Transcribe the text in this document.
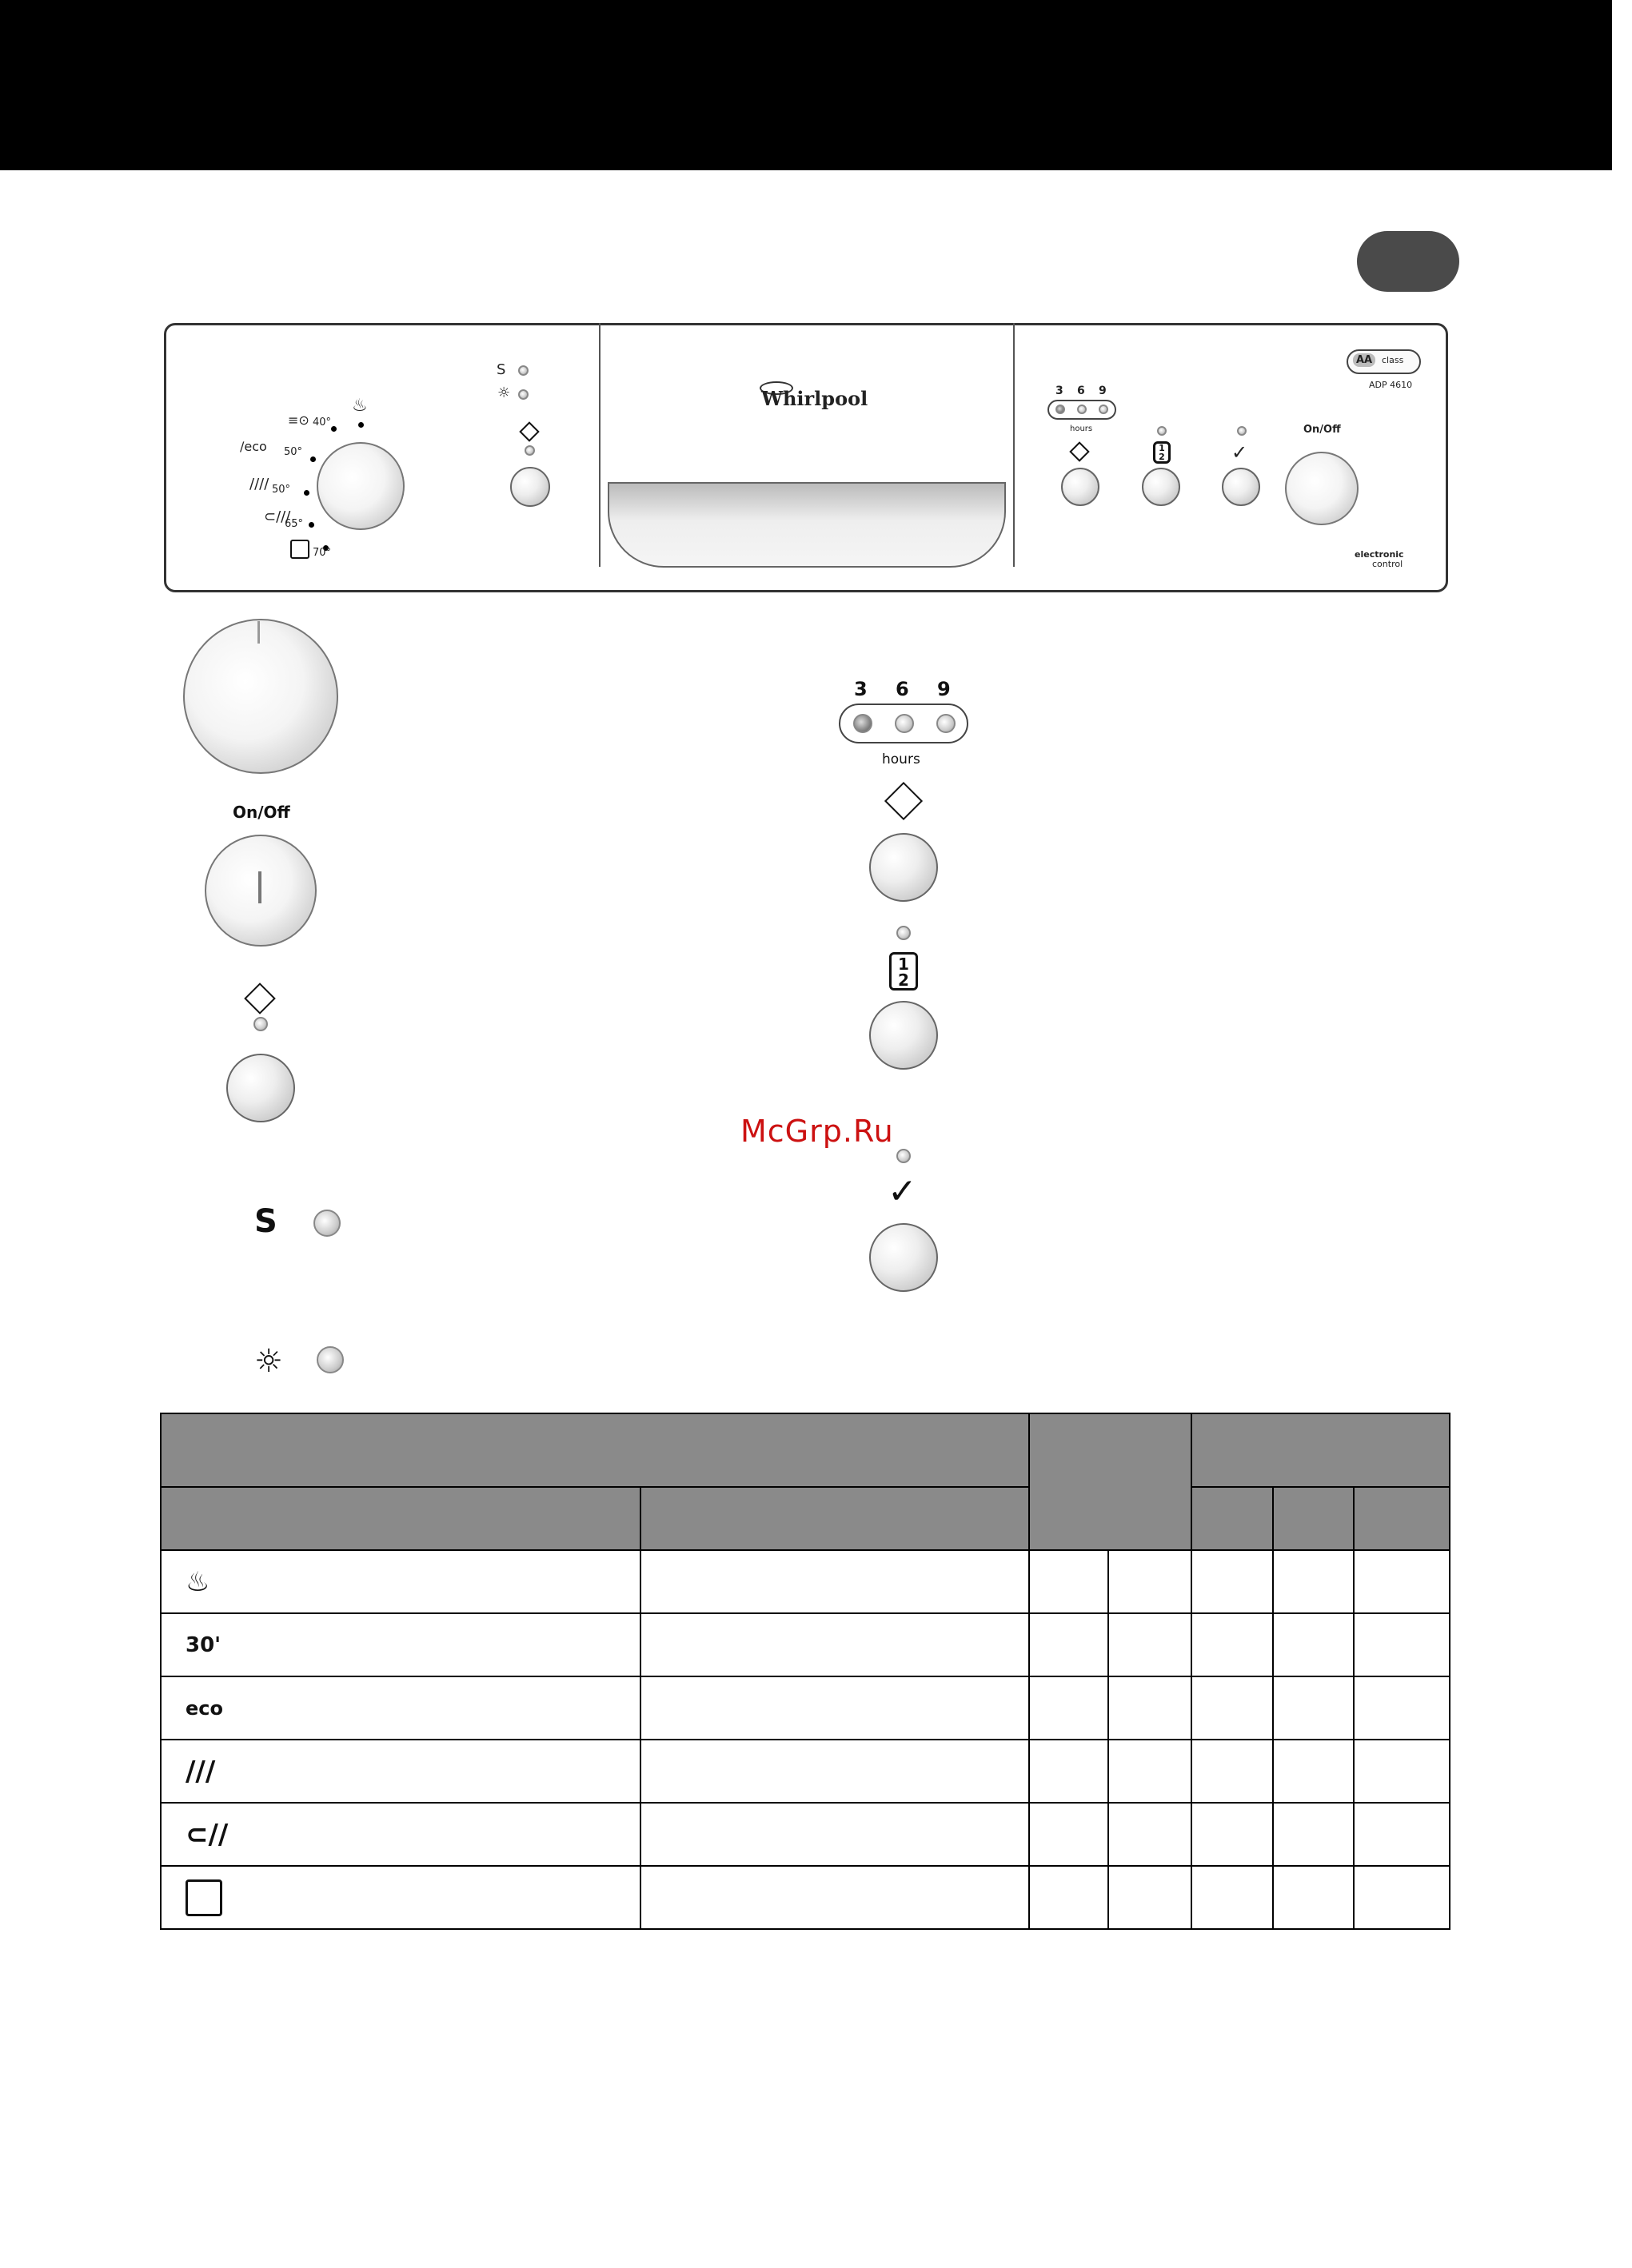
Whirlpool
♨
≡⊙ 40°
∕eco 50°
//// 50°
⊂///
65°
70°
S
☼	3 6 9
hours
1
2	✓
On/Off
AA	class
ADP 4610
electronic
control
On/Off
S
☼
3 6 9
hours
1
2
✓
McGrp.Ru

♨						
30'						
eco						
///						
⊂//						
